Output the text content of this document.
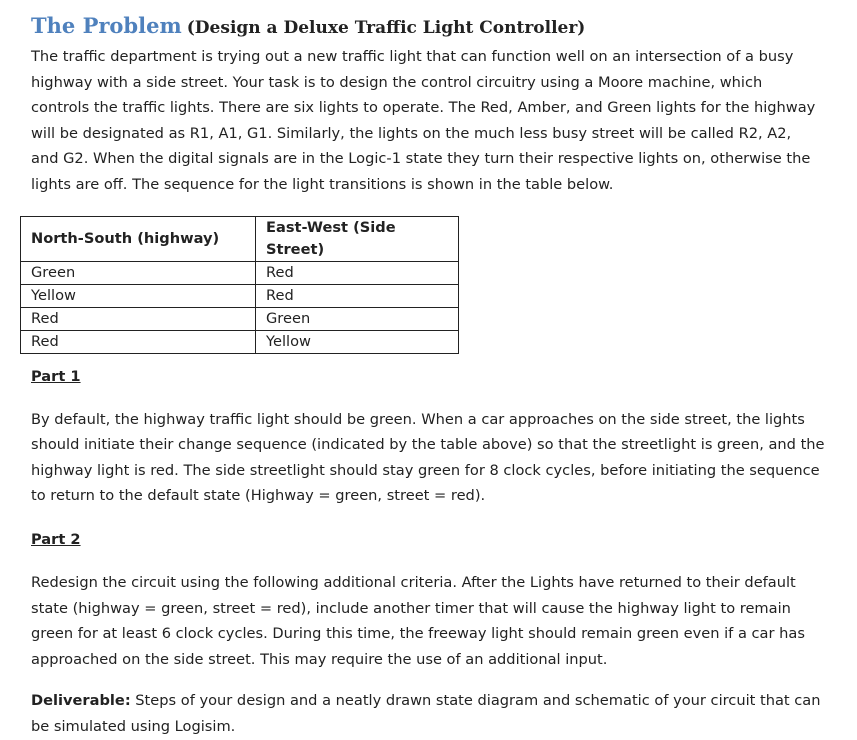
The Problem (Design a Deluxe Traffic Light Controller)

The traffic department is trying out a new traffic light that can function well on an intersection of a busy highway with a side street. Your task is to design the control circuitry using a Moore machine, which controls the traffic lights. There are six lights to operate. The Red, Amber, and Green lights for the highway will be designated as R1, A1, G1. Similarly, the lights on the much less busy street will be called R2, A2, and G2. When the digital signals are in the Logic-1 state they turn their respective lights on, otherwise the lights are off. The sequence for the light transitions is shown in the table below.

North-South (highway)	East-West (Side Street)
Green	Red
Yellow	Red
Red	Green
Red	Yellow
Part 1

By default, the highway traffic light should be green. When a car approaches on the side street, the lights should initiate their change sequence (indicated by the table above) so that the streetlight is green, and the highway light is red. The side streetlight should stay green for 8 clock cycles, before initiating the sequence to return to the default state (Highway = green, street = red).

Part 2

Redesign the circuit using the following additional criteria. After the Lights have returned to their default state (highway = green, street = red), include another timer that will cause the highway light to remain green for at least 6 clock cycles. During this time, the freeway light should remain green even if a car has approached on the side street. This may require the use of an additional input.

Deliverable: Steps of your design and a neatly drawn state diagram and schematic of your circuit that can be simulated using Logisim.
